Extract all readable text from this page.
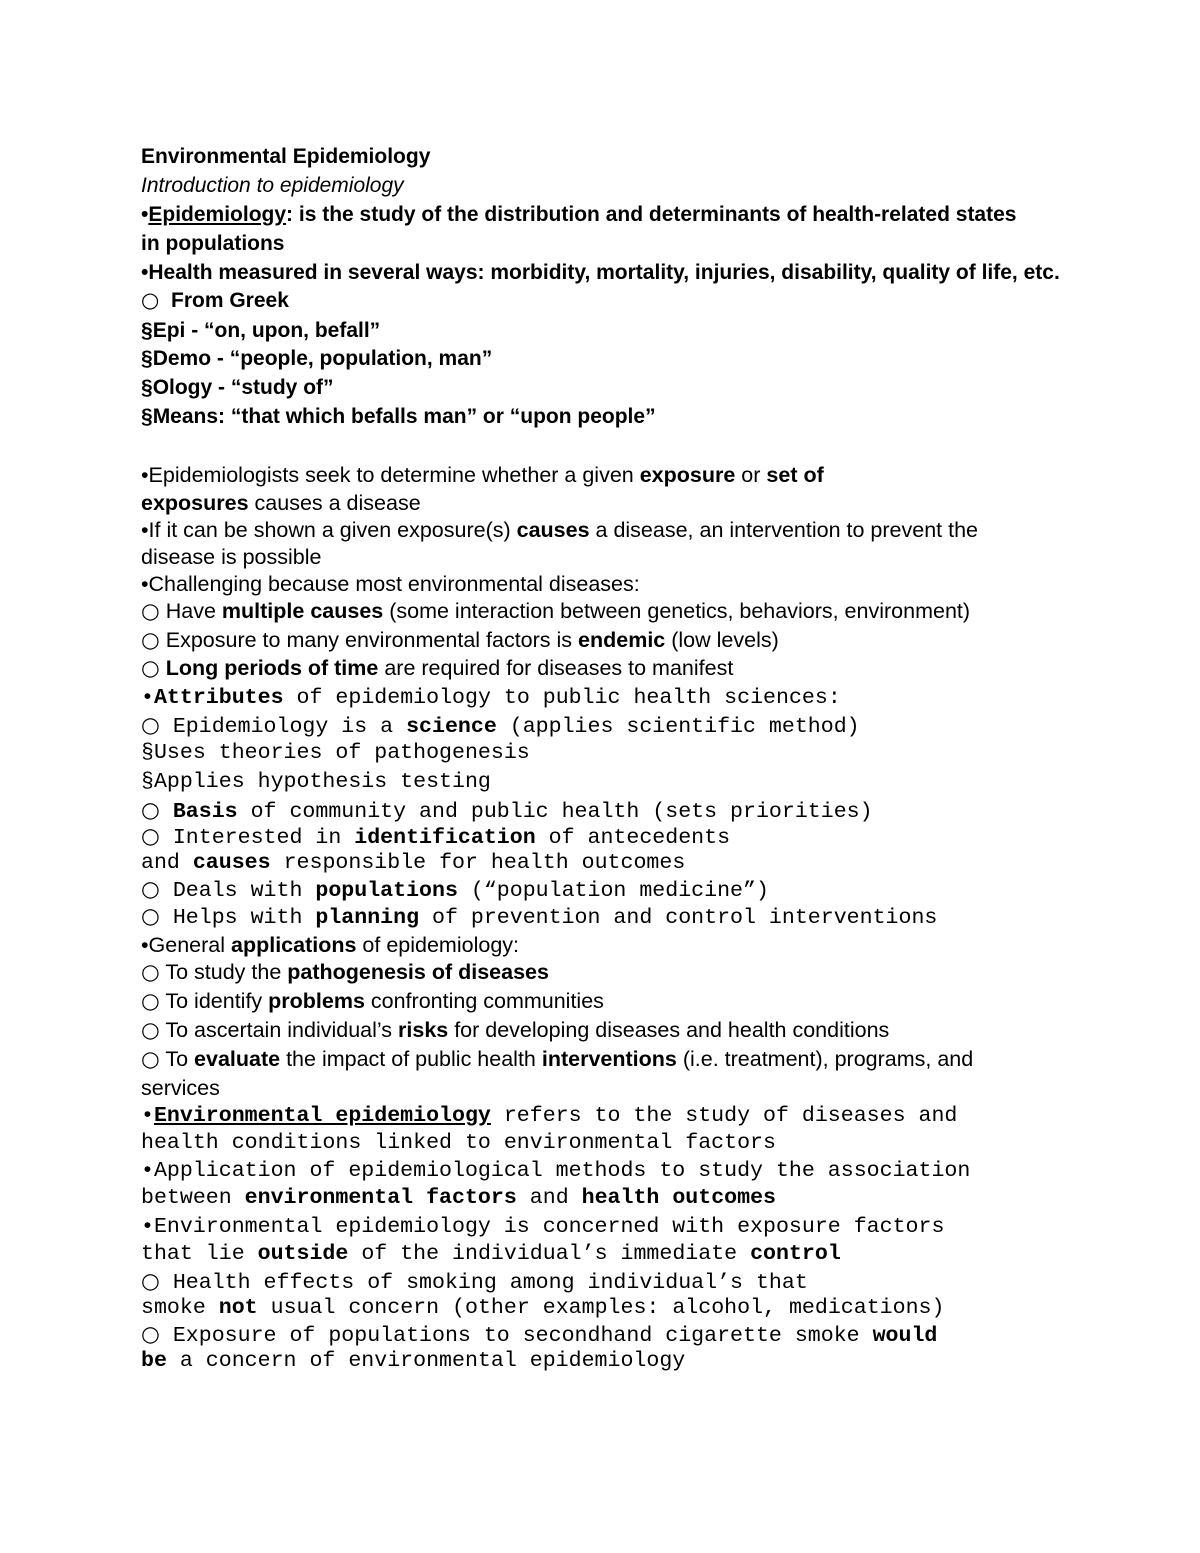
Environmental Epidemiology
Introduction to epidemiology
•Epidemiology: is the study of the distribution and determinants of health-related states
in populations
•Health measured in several ways: morbidity, mortality, injuries, disability, quality of life, etc.
○ From Greek
§Epi - “on, upon, befall”
§Demo - “people, population, man”
§Ology - “study of”
§Means: “that which befalls man” or “upon people”
•Epidemiologists seek to determine whether a given exposure or set of
exposures causes a disease
•If it can be shown a given exposure(s) causes a disease, an intervention to prevent the
disease is possible
•Challenging because most environmental diseases:
○ Have multiple causes (some interaction between genetics, behaviors, environment)
○ Exposure to many environmental factors is endemic (low levels)
○ Long periods of time are required for diseases to manifest
•Attributes of epidemiology to public health sciences:
○ Epidemiology is a science (applies scientific method)
§Uses theories of pathogenesis
§Applies hypothesis testing
○ Basis of community and public health (sets priorities)
○ Interested in identification of antecedents
and causes responsible for health outcomes
○ Deals with populations (“population medicine”)
○ Helps with planning of prevention and control interventions
•General applications of epidemiology:
○ To study the pathogenesis of diseases
○ To identify problems confronting communities
○ To ascertain individual’s risks for developing diseases and health conditions
○ To evaluate the impact of public health interventions (i.e. treatment), programs, and
services
•Environmental epidemiology refers to the study of diseases and
health conditions linked to environmental factors
•Application of epidemiological methods to study the association
between environmental factors and health outcomes
•Environmental epidemiology is concerned with exposure factors
that lie outside of the individual’s immediate control
○ Health effects of smoking among individual’s that
smoke not usual concern (other examples: alcohol, medications)
○ Exposure of populations to secondhand cigarette smoke would
be a concern of environmental epidemiology
